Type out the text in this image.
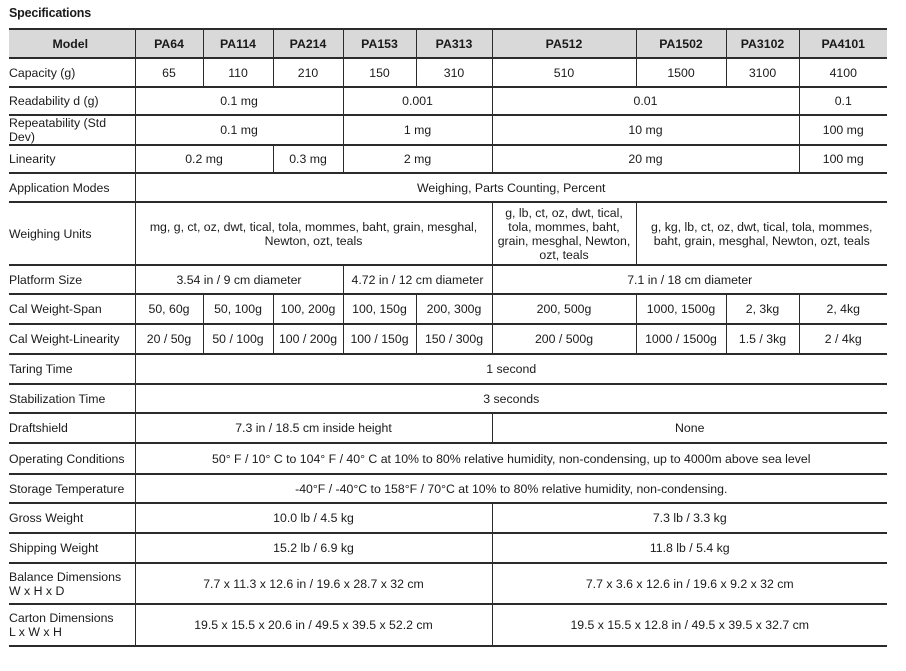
Specifications
Model	PA64	PA114	PA214	PA153	PA313	PA512	PA1502	PA3102	PA4101
Capacity (g)	65	110	210	150	310	510	1500	3100	4100
Readability d (g)	0.1 mg			0.001		0.01			0.1
Repeatability (Std Dev)	0.1 mg			1 mg		10 mg			100 mg
Linearity	0.2 mg		0.3 mg	2 mg		20 mg			100 mg
Application Modes	Weighing, Parts Counting, Percent								
Weighing Units	mg, g, ct, oz, dwt, tical, tola, mommes, baht, grain, mesghal, Newton, ozt, teals					g, lb, ct, oz, dwt, tical, tola, mommes, baht, grain, mesghal, Newton, ozt, teals	g, kg, lb, ct, oz, dwt, tical, tola, mommes, baht, grain, mesghal, Newton, ozt, teals		
Platform Size	3.54 in / 9 cm diameter			4.72 in / 12 cm diameter		7.1 in / 18 cm diameter			
Cal Weight-Span	50, 60g	50, 100g	100, 200g	100, 150g	200, 300g	200, 500g	1000, 1500g	2, 3kg	2, 4kg
Cal Weight-Linearity	20 / 50g	50 / 100g	100 / 200g	100 / 150g	150 / 300g	200 / 500g	1000 / 1500g	1.5 / 3kg	2 / 4kg
Taring Time	1 second								
Stabilization Time	3 seconds								
Draftshield	7.3 in / 18.5 cm inside height					None			
Operating Conditions	50° F / 10° C to 104° F / 40° C at 10% to 80% relative humidity, non-condensing, up to 4000m above sea level								
Storage Temperature	-40°F / -40°C to 158°F / 70°C at 10% to 80% relative humidity, non-condensing.								
Gross Weight	10.0 lb / 4.5 kg					7.3 lb / 3.3 kg			
Shipping Weight	15.2 lb / 6.9 kg					11.8 lb / 5.4 kg			
Balance Dimensions
W x H x D	7.7 x 11.3 x 12.6 in / 19.6 x 28.7 x 32 cm					7.7 x 3.6 x 12.6 in / 19.6 x 9.2 x 32 cm			
Carton Dimensions
L x W x H	19.5 x 15.5 x 20.6 in / 49.5 x 39.5 x 52.2 cm					19.5 x 15.5 x 12.8 in / 49.5 x 39.5 x 32.7 cm			
